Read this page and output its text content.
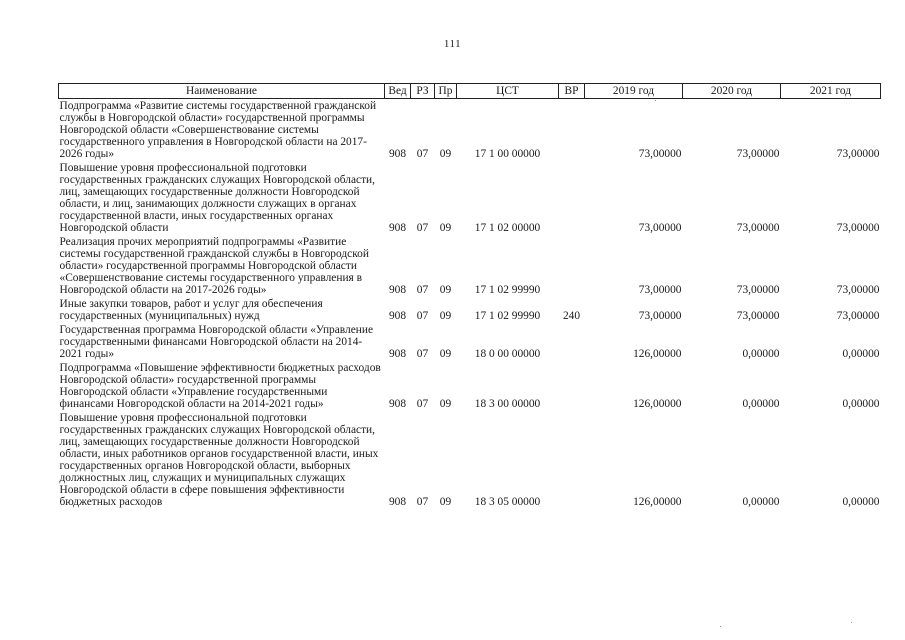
111
Наименование	Вед	РЗ	Пр	ЦСТ	ВР	2019 год	2020 год	2021 год
Подпрограмма «Развитие системы государственной гражданской службы в Новгородской области» государственной программы Новгородской области «Совершенствование системы государственного управления в Новгородской области на 2017-2026 годы»	908	07	09	17 1 00 00000		73,00000	73,00000	73,00000
Повышение уровня профессиональной подготовки государственных гражданских служащих Новгородской области, лиц, замещающих государственные должности Новгородской области, и лиц, занимающих должности служащих в органах государственной власти, иных государственных органах Новгородской области	908	07	09	17 1 02 00000		73,00000	73,00000	73,00000
Реализация прочих мероприятий подпрограммы «Развитие системы государственной гражданской службы в Новгородской области» государственной программы Новгородской области «Совершенствование системы государственного управления в Новгородской области на 2017-2026 годы»	908	07	09	17 1 02 99990		73,00000	73,00000	73,00000
Иные закупки товаров, работ и услуг для обеспечения государственных (муниципальных) нужд	908	07	09	17 1 02 99990	240	73,00000	73,00000	73,00000
Государственная программа Новгородской области «Управление государственными финансами Новгородской области на 2014-2021 годы»	908	07	09	18 0 00 00000		126,00000	0,00000	0,00000
Подпрограмма «Повышение эффективности бюджетных расходов Новгородской области» государственной программы Новгородской области «Управление государственными финансами Новгородской области на 2014-2021 годы»	908	07	09	18 3 00 00000		126,00000	0,00000	0,00000
Повышение уровня профессиональной подготовки государственных гражданских служащих Новгородской области, лиц, замещающих государственные должности Новгородской области, иных работников органов государственной власти, иных государственных органов Новгородской области, выборных должностных лиц, служащих и муниципальных служащих Новгородской области в сфере повышения эффективности бюджетных расходов	908	07	09	18 3 05 00000		126,00000	0,00000	0,00000
